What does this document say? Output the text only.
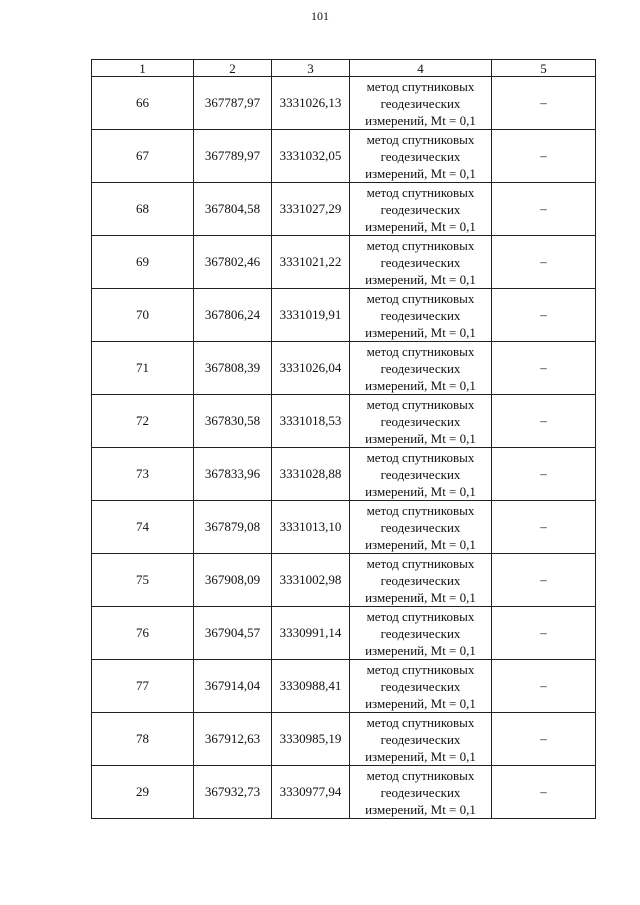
101
1	2	3	4	5
66	367787,97	3331026,13	метод спутниковых
геодезических
измерений, Mt = 0,1	–
67	367789,97	3331032,05	метод спутниковых
геодезических
измерений, Mt = 0,1	–
68	367804,58	3331027,29	метод спутниковых
геодезических
измерений, Mt = 0,1	–
69	367802,46	3331021,22	метод спутниковых
геодезических
измерений, Mt = 0,1	–
70	367806,24	3331019,91	метод спутниковых
геодезических
измерений, Mt = 0,1	–
71	367808,39	3331026,04	метод спутниковых
геодезических
измерений, Mt = 0,1	–
72	367830,58	3331018,53	метод спутниковых
геодезических
измерений, Mt = 0,1	–
73	367833,96	3331028,88	метод спутниковых
геодезических
измерений, Mt = 0,1	–
74	367879,08	3331013,10	метод спутниковых
геодезических
измерений, Mt = 0,1	–
75	367908,09	3331002,98	метод спутниковых
геодезических
измерений, Mt = 0,1	–
76	367904,57	3330991,14	метод спутниковых
геодезических
измерений, Mt = 0,1	–
77	367914,04	3330988,41	метод спутниковых
геодезических
измерений, Mt = 0,1	–
78	367912,63	3330985,19	метод спутниковых
геодезических
измерений, Mt = 0,1	–
29	367932,73	3330977,94	метод спутниковых
геодезических
измерений, Mt = 0,1	–
